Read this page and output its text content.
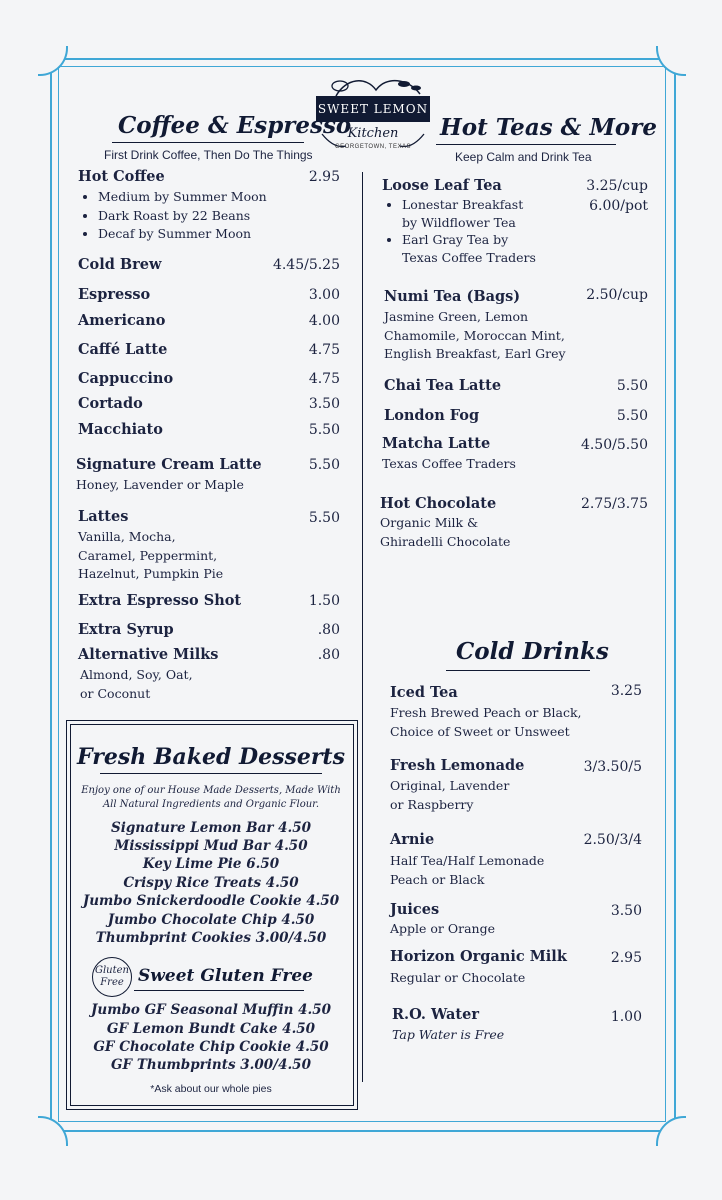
SWEET LEMON
Kitchen
GEORGETOWN, TEXAS
Coffee & Espresso
First Drink Coffee, Then Do The Things
Hot Teas & More
Keep Calm and Drink Tea
Hot Coffee	2.95
• Medium by Summer Moon
• Dark Roast by 22 Beans
• Decaf by Summer Moon
Cold Brew	4.45/5.25
Espresso	3.00
Americano	4.00
Caffé Latte	4.75
Cappuccino	4.75
Cortado	3.50
Macchiato	5.50
Signature Cream Latte	5.50
Honey, Lavender or Maple
Lattes	5.50
Vanilla, Mocha,
Caramel, Peppermint,
Hazelnut, Pumpkin Pie
Extra Espresso Shot	1.50
Extra Syrup	.80
Alternative Milks	.80
Almond, Soy, Oat,
or Coconut
Fresh Baked Desserts
Enjoy one of our House Made Desserts, Made With
All Natural Ingredients and Organic Flour.
Signature Lemon Bar 4.50
Mississippi Mud Bar 4.50
Key Lime Pie 6.50
Crispy Rice Treats 4.50
Jumbo Snickerdoodle Cookie 4.50
Jumbo Chocolate Chip 4.50
Thumbprint Cookies 3.00/4.50
Gluten Free Sweet Gluten Free
Jumbo GF Seasonal Muffin 4.50
GF Lemon Bundt Cake 4.50
GF Chocolate Chip Cookie 4.50
GF Thumbprints 3.00/4.50
*Ask about our whole pies
Loose Leaf Tea	3.25/cup
6.00/pot
• Lonestar Breakfast
by Wildflower Tea
• Earl Gray Tea by
Texas Coffee Traders
Numi Tea (Bags)	2.50/cup
Jasmine Green, Lemon
Chamomile, Moroccan Mint,
English Breakfast, Earl Grey
Chai Tea Latte	5.50
London Fog	5.50
Matcha Latte	4.50/5.50
Texas Coffee Traders
Hot Chocolate	2.75/3.75
Organic Milk &
Ghiradelli Chocolate
Cold Drinks
Iced Tea	3.25
Fresh Brewed Peach or Black,
Choice of Sweet or Unsweet
Fresh Lemonade	3/3.50/5
Original, Lavender
or Raspberry
Arnie	2.50/3/4
Half Tea/Half Lemonade
Peach or Black
Juices	3.50
Apple or Orange
Horizon Organic Milk	2.95
Regular or Chocolate
R.O. Water	1.00
Tap Water is Free
